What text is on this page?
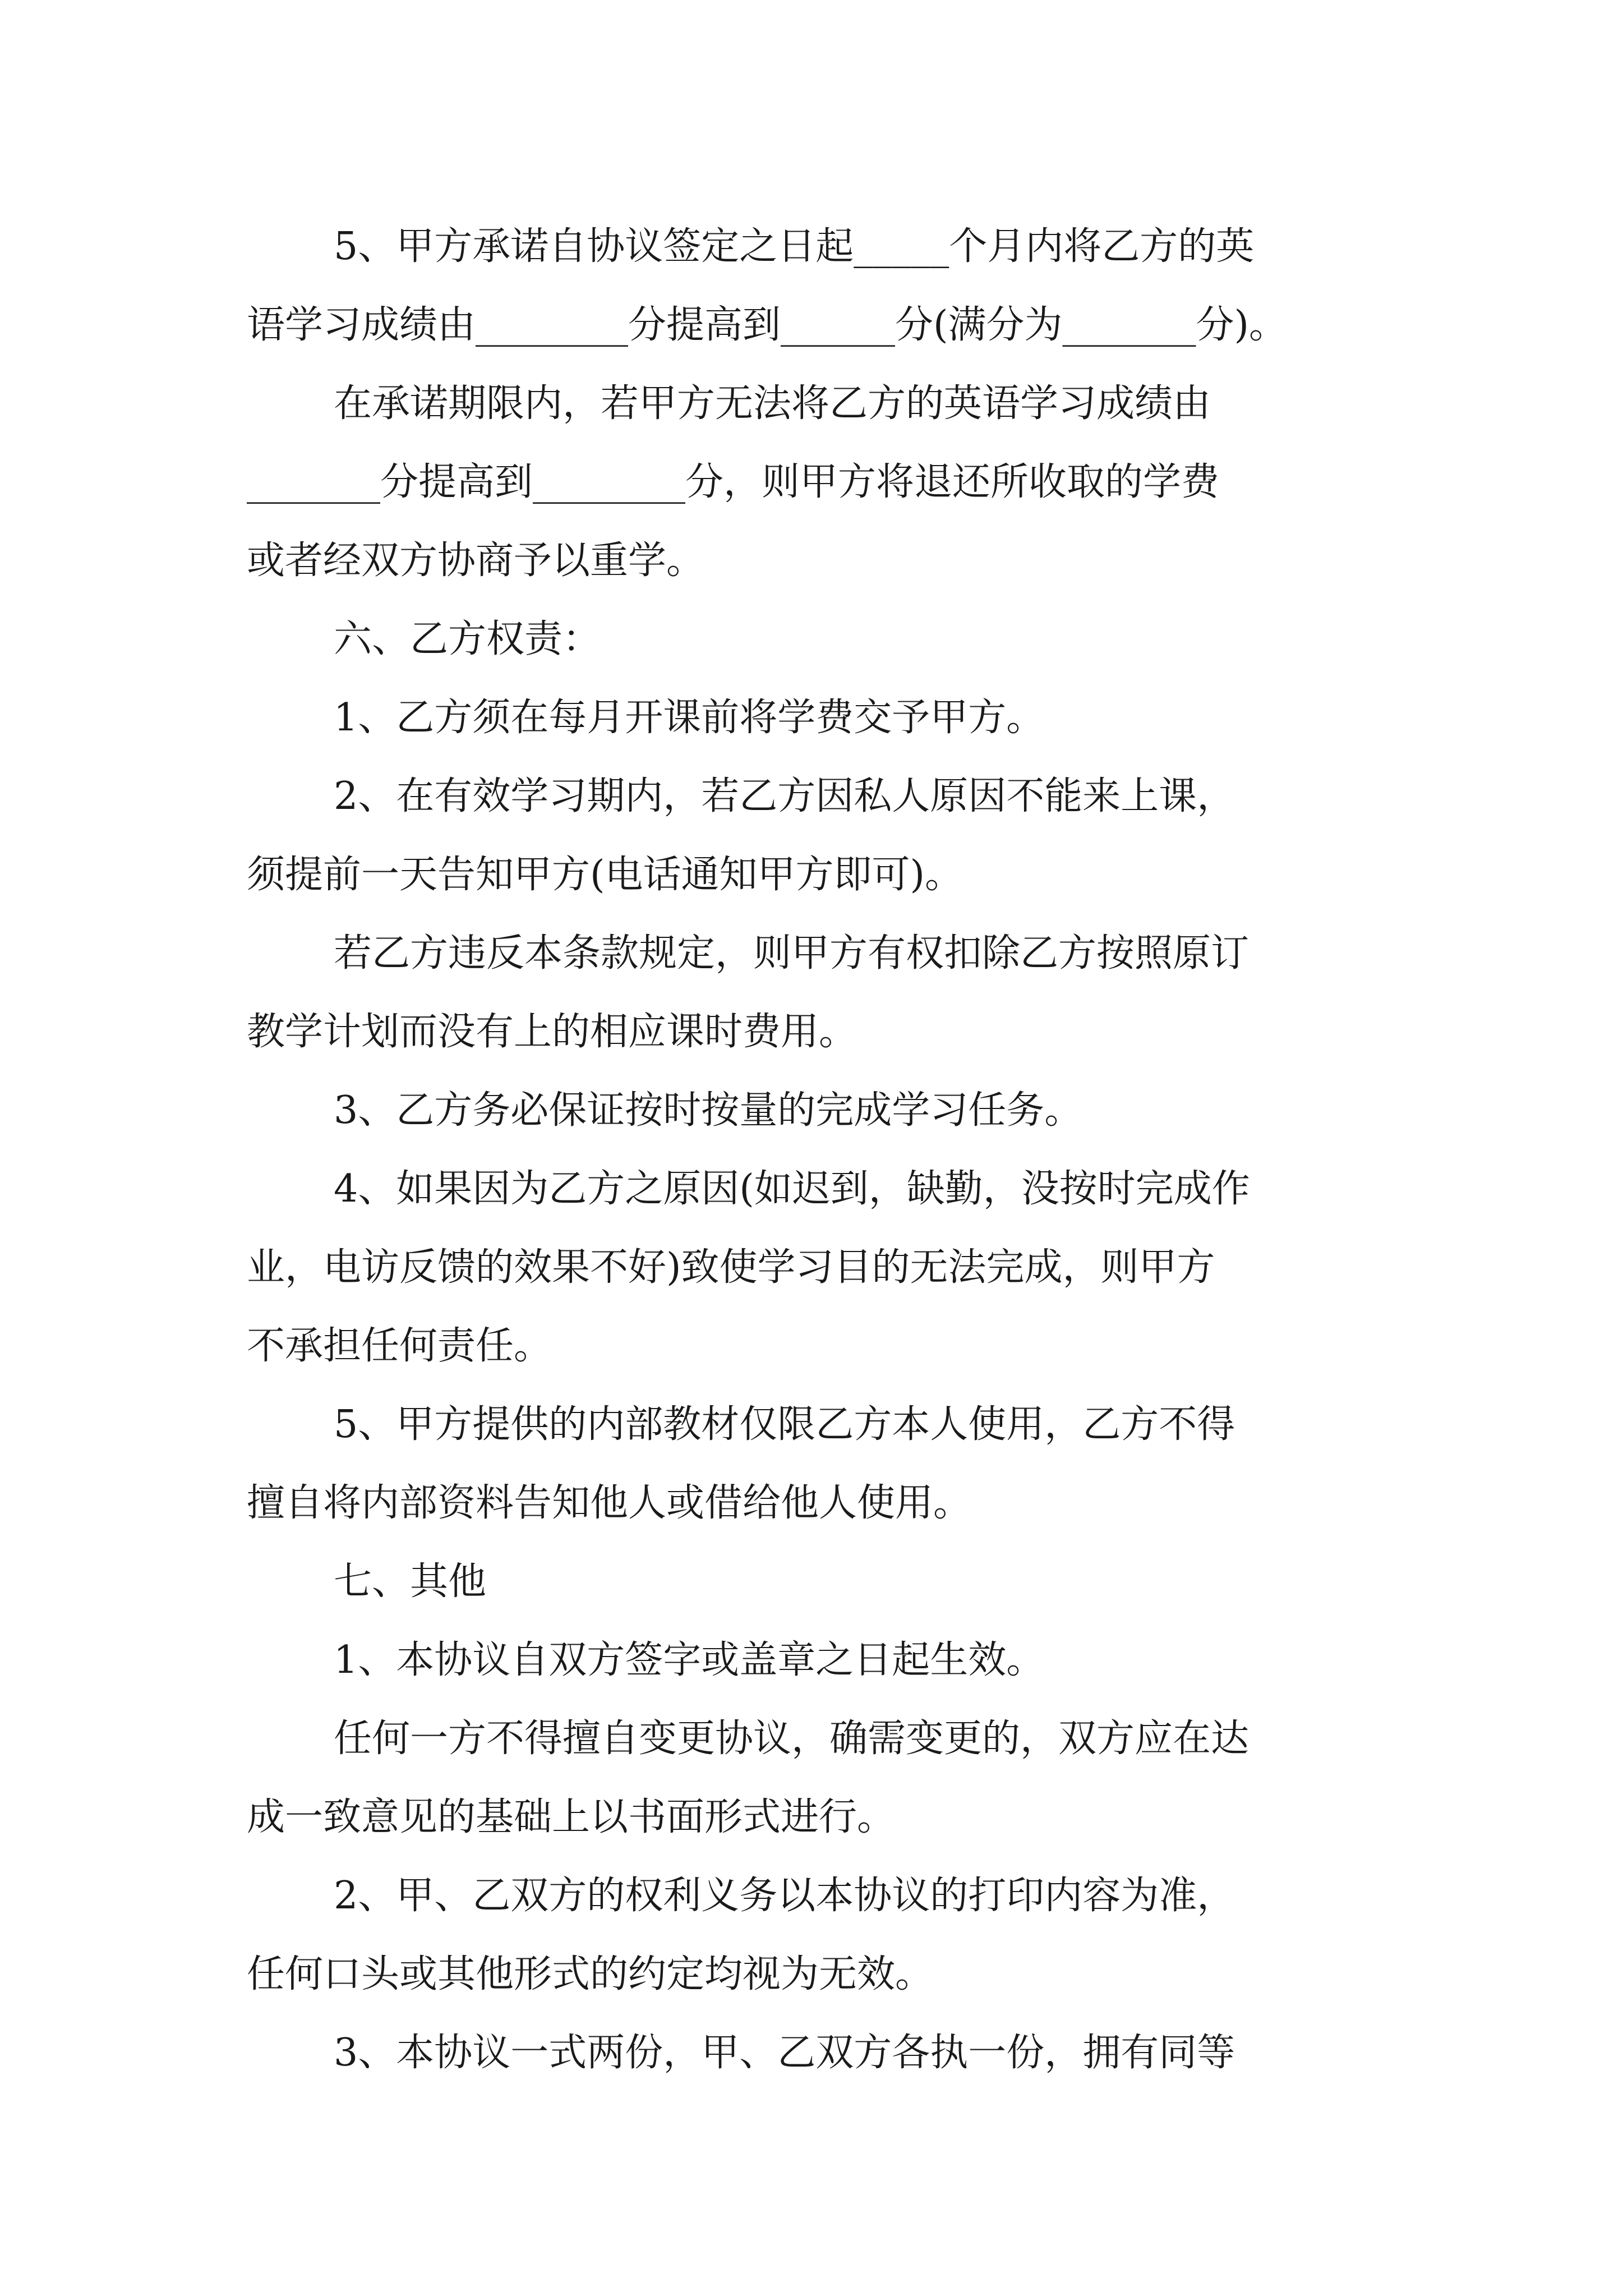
5、甲方承诺自协议签定之日起_____个月内将乙方的英
语学习成绩由________分提高到______分(满分为_______分)。
在承诺期限内，若甲方无法将乙方的英语学习成绩由
_______分提高到________分，则甲方将退还所收取的学费
或者经双方协商予以重学。
六、乙方权责：
1、乙方须在每月开课前将学费交予甲方。
2、在有效学习期内，若乙方因私人原因不能来上课，
须提前一天告知甲方(电话通知甲方即可)。
若乙方违反本条款规定，则甲方有权扣除乙方按照原订
教学计划而没有上的相应课时费用。
3、乙方务必保证按时按量的完成学习任务。
4、如果因为乙方之原因(如迟到，缺勤，没按时完成作
业，电访反馈的效果不好)致使学习目的无法完成，则甲方
不承担任何责任。
5、甲方提供的内部教材仅限乙方本人使用，乙方不得
擅自将内部资料告知他人或借给他人使用。
七、其他
1、本协议自双方签字或盖章之日起生效。
任何一方不得擅自变更协议，确需变更的，双方应在达
成一致意见的基础上以书面形式进行。
2、甲、乙双方的权利义务以本协议的打印内容为准，
任何口头或其他形式的约定均视为无效。
3、本协议一式两份，甲、乙双方各执一份，拥有同等
